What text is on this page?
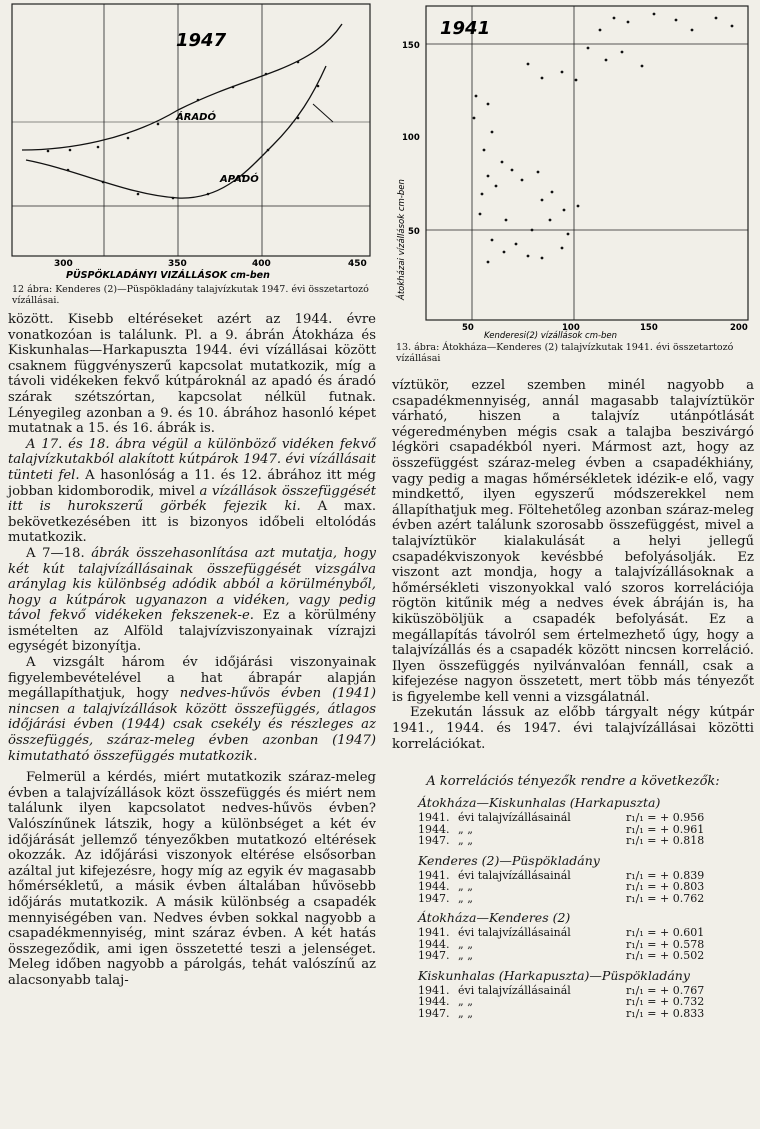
1947
ÁRADÓ
APADÓ
300	350	400	450
PÜSPÖKLADÁNYI VIZÁLLÁSOK cm-ben
12 ábra: Kenderes (2)—Püspökladány talajvízkutak 1947. évi összetartozó vízállásai.

között. Kisebb eltéréseket azért az 1944. évre vonatkozóan is találunk. Pl. a 9. ábrán Átokháza és Kiskunhalas—Harkapuszta 1944. évi vízállásai között csaknem függvényszerű kapcsolat mutatkozik, míg a távoli vidékeken fekvő kútpároknál az apadó és áradó szárak szétszórtan, kapcsolat nélkül futnak. Lényegileg azonban a 9. és 10. ábrához hasonló képet mutatnak a 15. és 16. ábrák is.

A 17. és 18. ábra végül a különböző vidéken fekvő talajvízkutakból alakított kútpárok 1947. évi vízállásait tünteti fel. A hasonlóság a 11. és 12. ábrához itt még jobban kidomborodik, mivel a vízállások összefüggését itt is hurokszerű görbék fejezik ki. A max. bekövetkezésében itt is bizonyos időbeli eltolódás mutatkozik.

A 7—18. ábrák összehasonlítása azt mutatja, hogy két kút talajvízállásainak összefüggését vizsgálva aránylag kis különbség adódik abból a körülményből, hogy a kútpárok ugyanazon a vidéken, vagy pedig távol fekvő vidékeken fekszenek-e. Ez a körülmény ismételten az Alföld talajvízviszonyainak vízrajzi egységét bizonyítja.

A vizsgált három év időjárási viszonyainak figyelembevételével a hat ábrapár alapján megállapíthatjuk, hogy nedves-hűvös évben (1941) nincsen a talajvízállások között összefüggés, átlagos időjárási évben (1944) csak csekély és részleges az összefüggés, száraz-meleg évben azonban (1947) kimutatható összefüggés mutatkozik.

Felmerül a kérdés, miért mutatkozik száraz-meleg évben a talajvízállások közt összefüggés és miért nem találunk ilyen kapcsolatot nedves-hűvös évben? Valószínűnek látszik, hogy a különbséget a két év időjárását jellemző tényezőkben mutatkozó eltérések okozzák. Az időjárási viszonyok eltérése elsősorban azáltal jut kifejezésre, hogy míg az egyik év magasabb hőmérsékletű, a másik évben általában hűvösebb időjárás mutatkozik. A másik különbség a csapadék mennyiségében van. Nedves évben sokkal nagyobb a csapadékmennyiség, mint száraz évben. A két hatás összegeződik, ami igen összetetté teszi a jelenséget. Meleg időben nagyobb a párolgás, tehát valószínű az alacsonyabb talaj-

1941
150
100
50
Átokházai vízállások cm-ben
50	100	150	200
Kenderesi(2) vízállások cm-ben
13. ábra: Átokháza—Kenderes (2) talajvízkutak 1941. évi összetartozó vízállásai

víztükör, ezzel szemben minél nagyobb a csapadékmennyiség, annál magasabb talajvíztükör várható, hiszen a talajvíz utánpótlását végeredményben mégis csak a talajba beszivárgó légköri csapadékból nyeri. Mármost azt, hogy az összefüggést száraz-meleg évben a csapadékhiány, vagy pedig a magas hőmérsékletek idézik-e elő, vagy mindkettő, ilyen egyszerű módszerekkel nem állapíthatjuk meg. Föltehetőleg azonban száraz-meleg évben azért találunk szorosabb összefüggést, mivel a talajvíztükör kialakulását a helyi jellegű csapadékviszonyok kevésbbé befolyásolják. Ez viszont azt mondja, hogy a talajvízállásoknak a hőmérsékleti viszonyokkal való szoros korrelációja rögtön kitűnik még a nedves évek ábráján is, ha kiküszöböljük a csapadék befolyását. Ez a megállapítás távolról sem értelmezhető úgy, hogy a talajvízállás és a csapadék között nincsen korreláció. Ilyen összefüggés nyilvánvalóan fennáll, csak a kifejezése nagyon összetett, mert több más tényezőt is figyelembe kell venni a vizsgálatnál.

Ezekután lássuk az előbb tárgyalt négy kútpár 1941., 1944. és 1947. évi talajvízállásai közötti korrelációkat.

A korrelációs tényezők rendre a következők:

Átokháza—Kiskunhalas (Harkapuszta)
1941. évi talajvízállásainál	r₁/₁ = + 0.956
1944. „ „	r₁/₁ = + 0.961
1947. „ „	r₁/₁ = + 0.818
Kenderes (2)—Püspökladány
1941. évi talajvízállásainál	r₁/₁ = + 0.839
1944. „ „	r₁/₁ = + 0.803
1947. „ „	r₁/₁ = + 0.762
Átokháza—Kenderes (2)
1941. évi talajvízállásainál	r₁/₁ = + 0.601
1944. „ „	r₁/₁ = + 0.578
1947. „ „	r₁/₁ = + 0.502
Kiskunhalas (Harkapuszta)—Püspökladány
1941. évi talajvízállásainál	r₁/₁ = + 0.767
1944. „ „	r₁/₁ = + 0.732
1947. „ „	r₁/₁ = + 0.833
